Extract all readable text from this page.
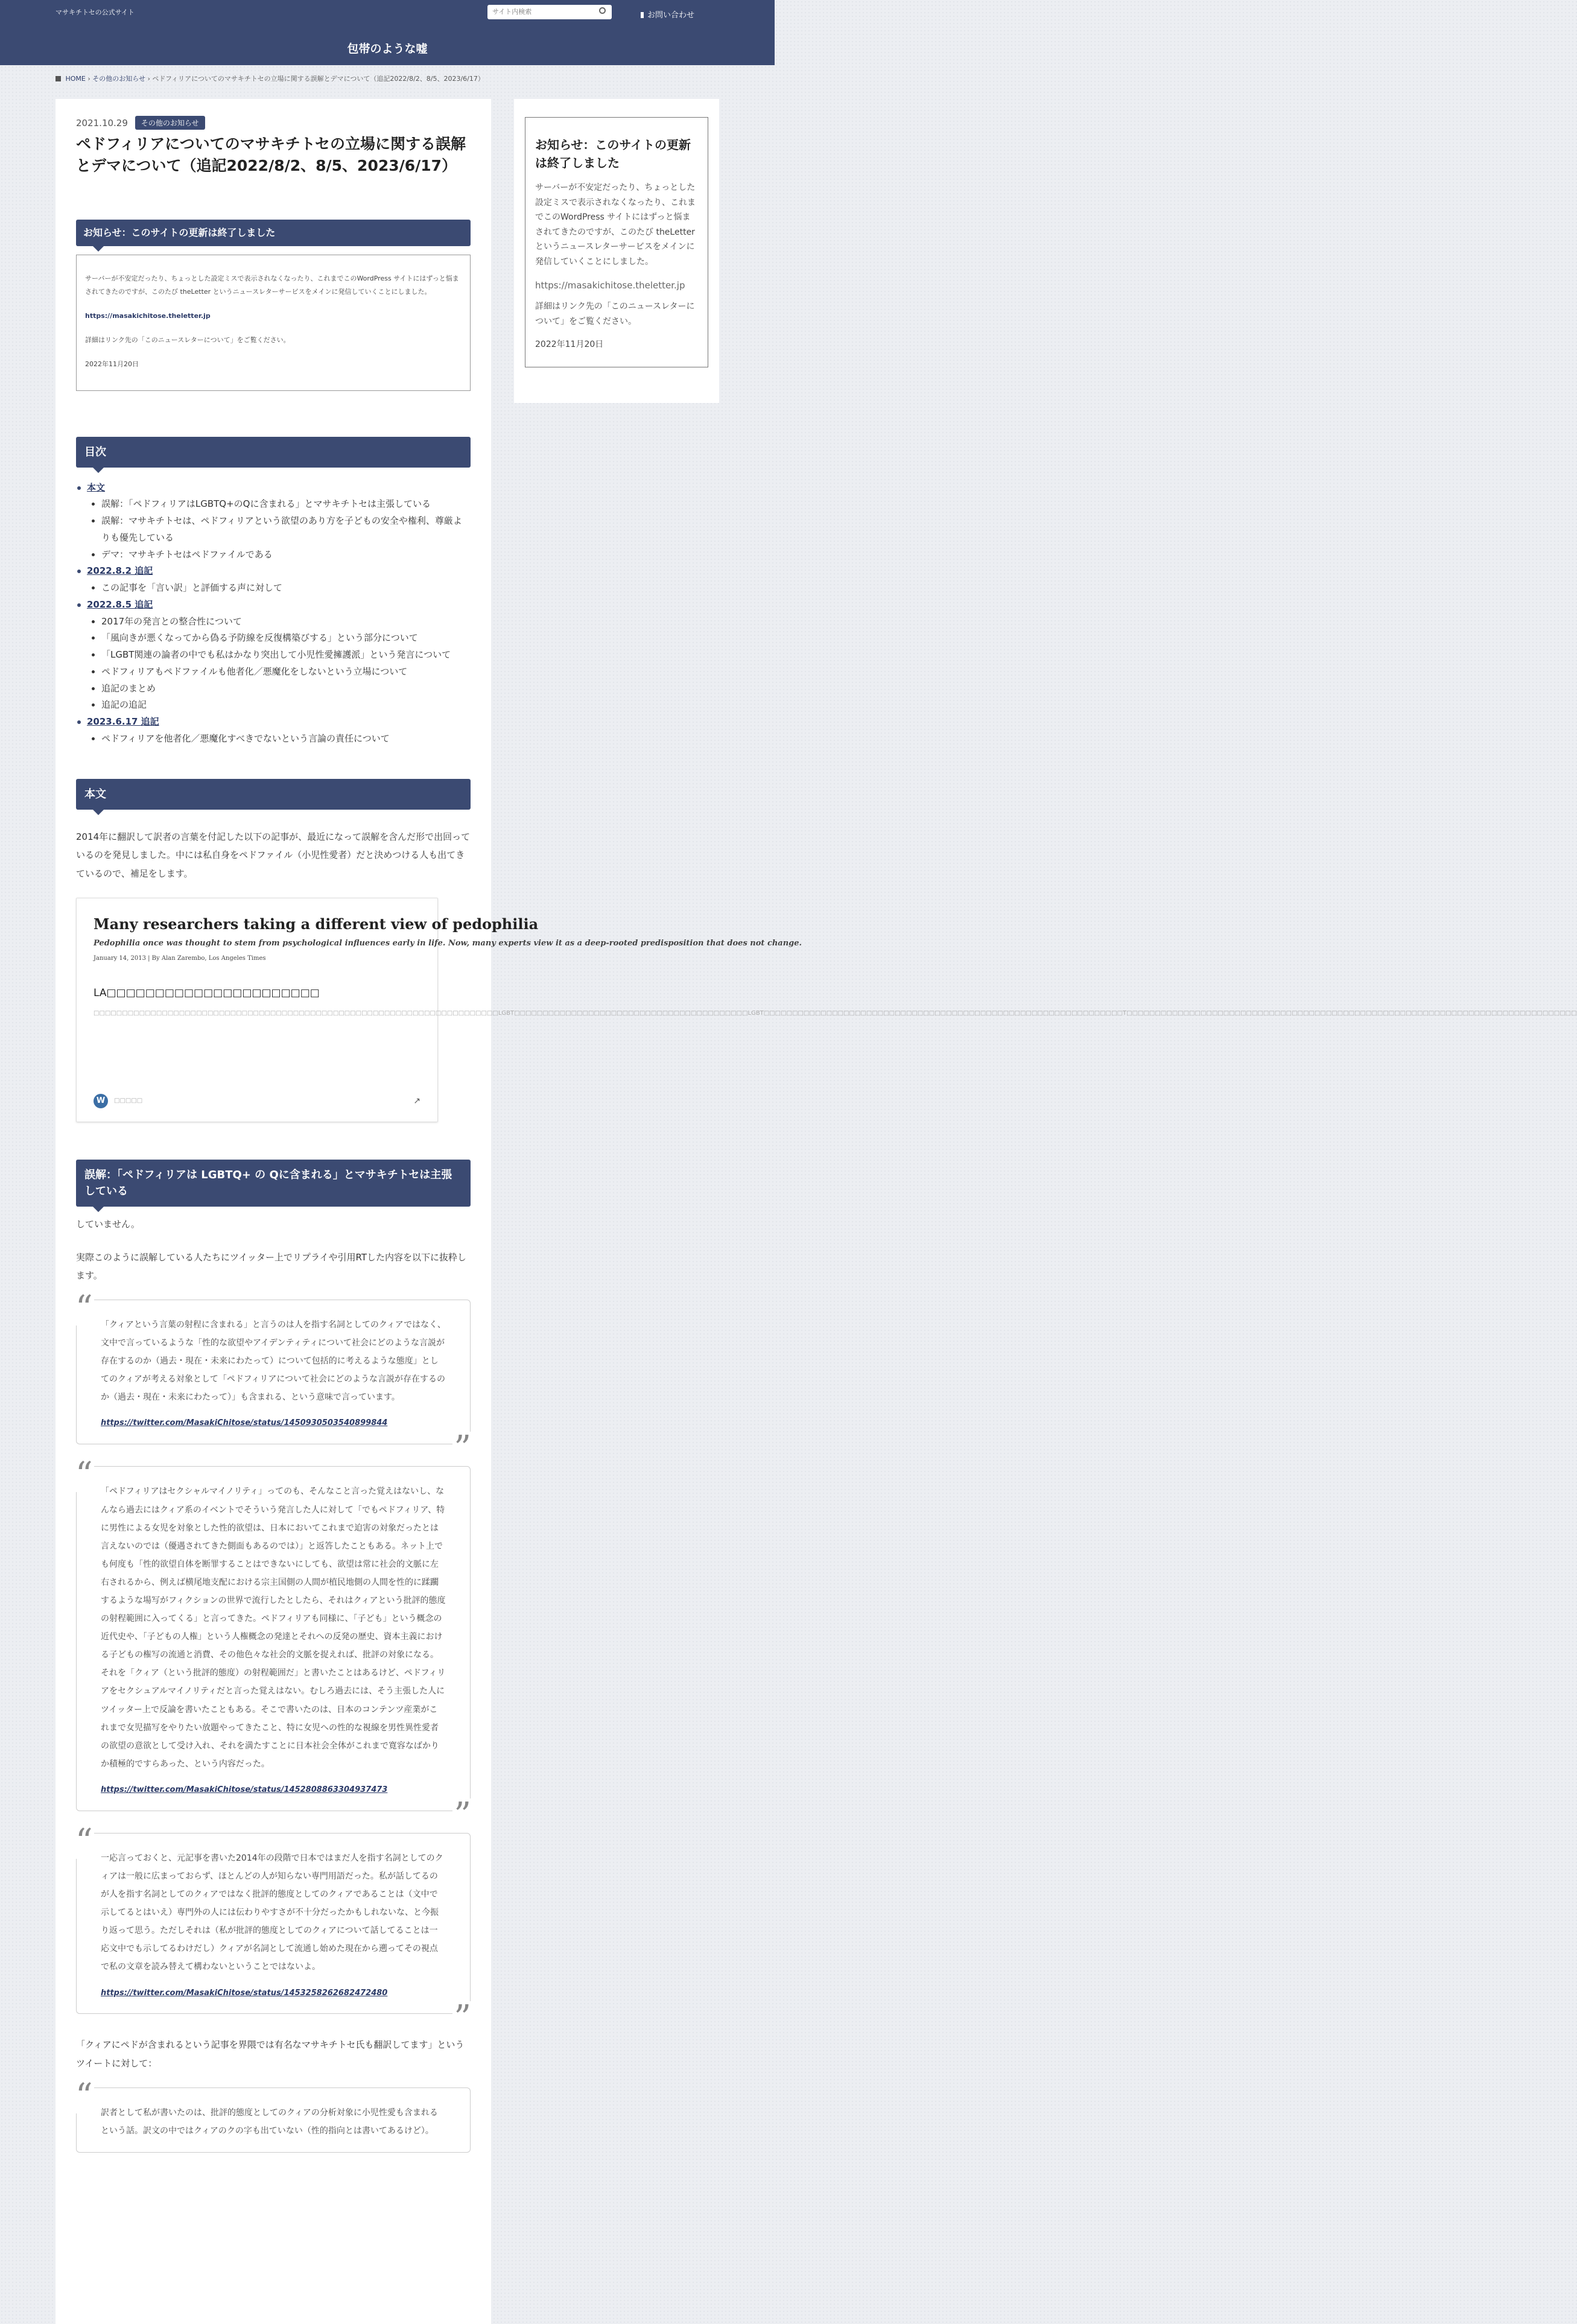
マサキチトセの公式サイト
サイト内検索	お問い合わせ
包帯のような嘘
HOME › その他のお知らせ › ペドフィリアについてのマサキチトセの立場に関する誤解とデマについて（追記2022/8/2、8/5、2023/6/17）
2021.10.29	その他のお知らせ
ペドフィリアについてのマサキチトセの立場に関する誤解とデマについて（追記2022/8/2、8/5、2023/6/17）
お知らせ：このサイトの更新は終了しました

サーバーが不安定だったり、ちょっとした設定ミスで表示されなくなったり、これまでこのWordPress サイトにはずっと悩まされてきたのですが、このたび theLetter というニュースレターサービスをメインに発信していくことにしました。

https://masakichitose.theletter.jp

詳細はリンク先の「このニュースレターについて」をご覧ください。

2022年11月20日

目次
本文
• 誤解：「ペドフィリアはLGBTQ+のQに含まれる」とマサキチトセは主張している
• 誤解：マサキチトセは、ペドフィリアという欲望のあり方を子どもの安全や権利、尊厳よりも優先している
• デマ：マサキチトセはペドファイルである
2022.8.2 追記
• この記事を「言い訳」と評価する声に対して
2022.8.5 追記
• 2017年の発言との整合性について
• 「風向きが悪くなってから偽る予防線を反復構築びする」という部分について
• 「LGBT関連の論者の中でも私はかなり突出して小児性愛擁護派」という発言について
• ペドフィリアもペドファイルも他者化／悪魔化をしないという立場について
• 追記のまとめ
• 追記の追記
2023.6.17 追記
• ペドフィリアを他者化／悪魔化すべきでないという言論の責任について
本文

2014年に翻訳して訳者の言葉を付記した以下の記事が、最近になって誤解を含んだ形で出回っているのを発見しました。中には私自身をペドファイル（小児性愛者）だと決めつける人も出てきているので、補足をします。

Many researchers taking a different view of pedophilia
Pedophilia once was thought to stem from psychological influences early in life. Now, many experts view it as a deep-rooted predisposition that does not change.
January 14, 2013 | By Alan Zarembo, Los Angeles Times
LA□□□□□□□□□□□□□□□□□□□□□□
□□□□□□□□□□□□□□□□□□□□□□□□□□□□□□□□□□□□□□□□□□□□□□□□□□□□□□□□□□□□□□□□□□□□□□□LGBT□□□□□□□□□□□□□□□□□□□□□□□□□□□□□□□□□□□□□□□□□LGBT□□□□□□□□□□□□□□□□□□□□□□□□□□□□□□□□□□□□□□□□□□□□□□□□□□□□□□□□□□□□□□□T□□□□□□□□□□□□□□□□□□□□□□□□□□□□□□□□□□□□□□□□□□□□□□□□□□□□□□□□□□□□□□□□□□□□□□□□□□□□□□□
W	□□□□□	↗
誤解：「ペドフィリアは LGBTQ+ の Qに含まれる」とマサキチトセは主張している

していません。

実際このように誤解している人たちにツイッター上でリプライや引用RTした内容を以下に抜粋します。

“ 「クィアという言葉の射程に含まれる」と言うのは人を指す名詞としてのクィアではなく、文中で言っているような「性的な欲望やアイデンティティについて社会にどのような言説が存在するのか（過去・現在・未来にわたって）について包括的に考えるような態度」としてのクィアが考える対象として「ペドフィリアについて社会にどのような言説が存在するのか（過去・現在・未来にわたって）」も含まれる、という意味で言っています。
https://twitter.com/MasakiChitose/status/1450930503540899844
”
“ 「ペドフィリアはセクシャルマイノリティ」ってのも、そんなこと言った覚えはないし、なんなら過去にはクィア系のイベントでそういう発言した人に対して「でもペドフィリア、特に男性による女児を対象とした性的欲望は、日本においてこれまで迫害の対象だったとは言えないのでは（優遇されてきた側面もあるのでは）」と返答したこともある。ネット上でも何度も「性的欲望自体を断罪することはできないにしても、欲望は常に社会的文脈に左右されるから、例えば横尾地支配における宗主国側の人間が植民地側の人間を性的に蹂躙するような場写がフィクションの世界で流行したとしたら、それはクィアという批評的態度の射程範囲に入ってくる」と言ってきた。ペドフィリアも同様に、「子ども」という概念の近代史や、「子どもの人権」という人権概念の発達とそれへの反発の歴史、資本主義における子どもの権写の流通と消費、その他色々な社会的文脈を捉えれば、批評の対象になる。それを「クィア（という批評的態度）の射程範囲だ」と書いたことはあるけど、ペドフィリアをセクシュアルマイノリティだと言った覚えはない。むしろ過去には、そう主張した人にツイッター上で反論を書いたこともある。そこで書いたのは、日本のコンテンツ産業がこれまで女児描写をやりたい放題やってきたこと、特に女児への性的な視線を男性異性愛者の欲望の意欲として受け入れ、それを満たすことに日本社会全体がこれまで寛容なばかりか積極的ですらあった、という内容だった。
https://twitter.com/MasakiChitose/status/1452808863304937473
”
“ 一応言っておくと、元記事を書いた2014年の段階で日本ではまだ人を指す名詞としてのクィアは一般に広まっておらず、ほとんどの人が知らない専門用語だった。私が話してるのが人を指す名詞としてのクィアではなく批評的態度としてのクィアであることは（文中で示してるとはいえ）専門外の人には伝わりやすさが不十分だったかもしれないな、と今振り返って思う。ただしそれは（私が批評的態度としてのクィアについて話してることは一応文中でも示してるわけだし）クィアが名詞として流通し始めた現在から遡ってその視点で私の文章を読み替えて構わないということではないよ。
https://twitter.com/MasakiChitose/status/1453258262682472480
”

「クィアにペドが含まれるという記事を界隈では有名なマサキチトセ氏も翻訳してます」というツイートに対して：

“ 訳者として私が書いたのは、批評的態度としてのクィアの分析対象に小児性愛も含まれるという話。訳文の中ではクィアのクの字も出ていない（性的指向とは書いてあるけど）。
お知らせ：このサイトの更新は終了しました

サーバーが不安定だったり、ちょっとした設定ミスで表示されなくなったり、これまでこのWordPress サイトにはずっと悩まされてきたのですが、このたび theLetter というニュースレターサービスをメインに発信していくことにしました。

https://masakichitose.theletter.jp

詳細はリンク先の「このニュースレターについて」をご覧ください。

2022年11月20日
